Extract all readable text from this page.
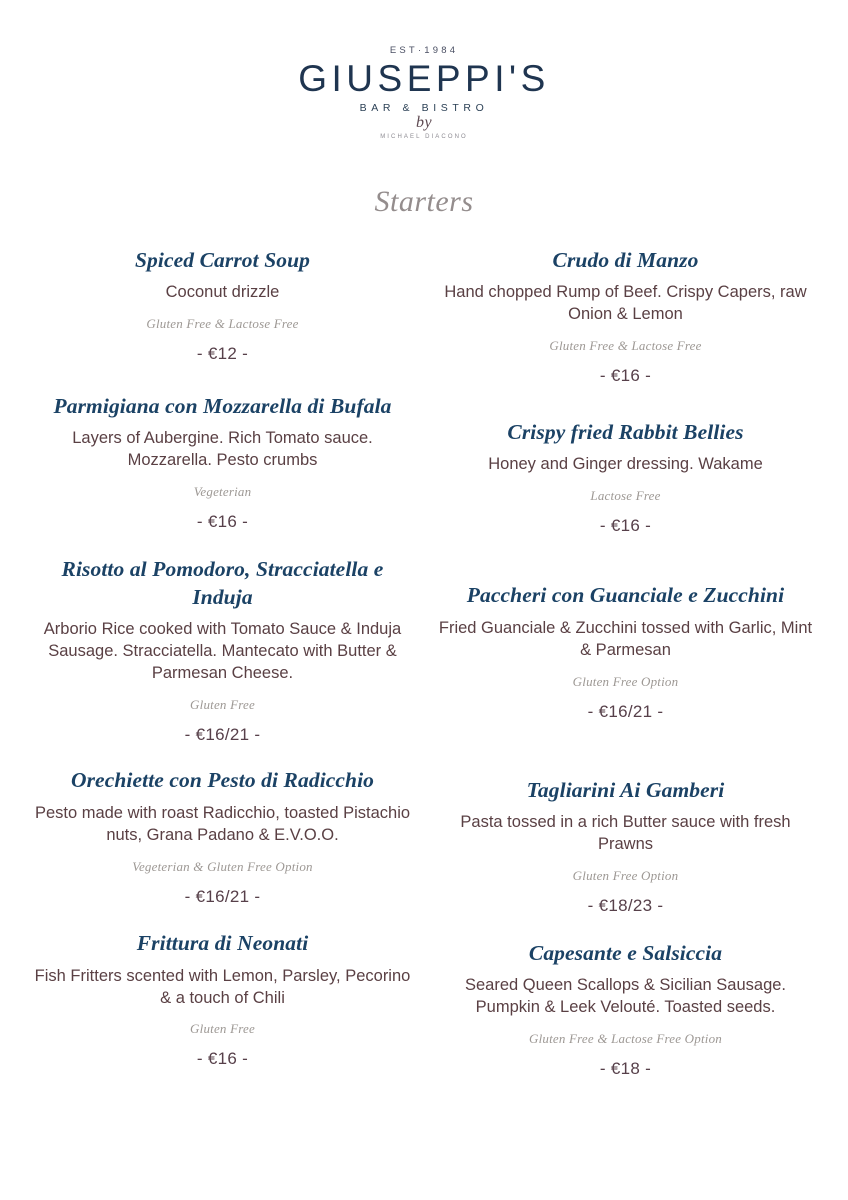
EST·1984
GIUSEPPI'S
BAR & BISTRO
by
MICHAEL DIACONO
Starters
Spiced Carrot Soup
Coconut drizzle
Gluten Free & Lactose Free
- €12 -
Parmigiana con Mozzarella di Bufala
Layers of Aubergine. Rich Tomato sauce. Mozzarella. Pesto crumbs
Vegeterian
- €16 -
Risotto al Pomodoro, Stracciatella e Induja
Arborio Rice cooked with Tomato Sauce & Induja Sausage. Stracciatella. Mantecato with Butter & Parmesan Cheese.
Gluten Free
- €16/21 -
Orechiette con Pesto di Radicchio
Pesto made with roast Radicchio, toasted Pistachio nuts, Grana Padano & E.V.O.O.
Vegeterian & Gluten Free Option
- €16/21 -
Frittura di Neonati
Fish Fritters scented with Lemon, Parsley, Pecorino & a touch of Chili
Gluten Free
- €16 -
Crudo di Manzo
Hand chopped Rump of Beef. Crispy Capers, raw Onion & Lemon
Gluten Free & Lactose Free
- €16 -
Crispy fried Rabbit Bellies
Honey and Ginger dressing. Wakame
Lactose Free
- €16 -
Paccheri con Guanciale e Zucchini
Fried Guanciale & Zucchini tossed with Garlic, Mint & Parmesan
Gluten Free Option
- €16/21 -
Tagliarini Ai Gamberi
Pasta tossed in a rich Butter sauce with fresh Prawns
Gluten Free Option
- €18/23 -
Capesante e Salsiccia
Seared Queen Scallops & Sicilian Sausage. Pumpkin & Leek Velouté. Toasted seeds.
Gluten Free & Lactose Free Option
- €18 -
